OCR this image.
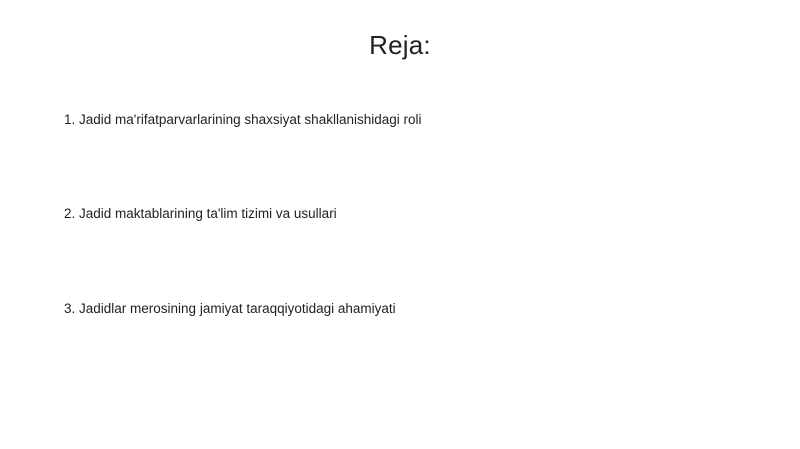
Reja:
1. Jadid ma'rifatparvarlarining shaxsiyat shakllanishidagi roli
2. Jadid maktablarining ta'lim tizimi va usullari
3. Jadidlar merosining jamiyat taraqqiyotidagi ahamiyati
